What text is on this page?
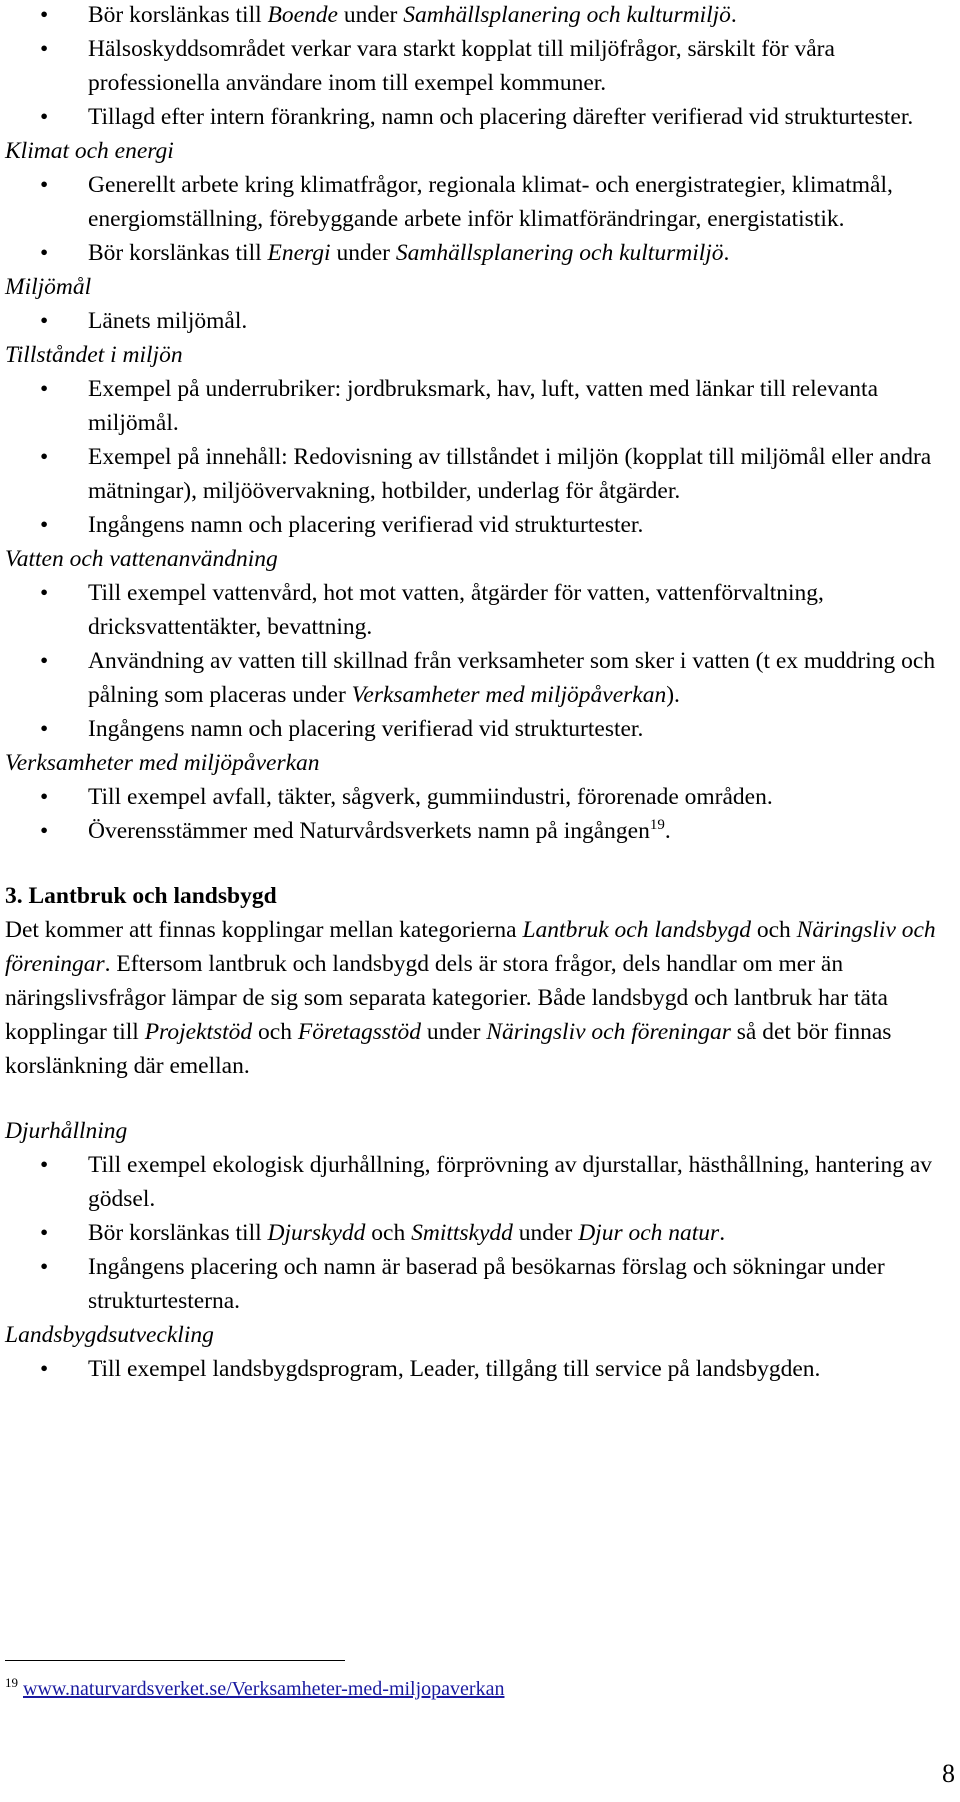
• Bör korslänkas till Boende under Samhällsplanering och kulturmiljö.
• Hälsoskyddsområdet verkar vara starkt kopplat till miljöfrågor, särskilt för våra professionella användare inom till exempel kommuner.
• Tillagd efter intern förankring, namn och placering därefter verifierad vid strukturtester.
Klimat och energi
• Generellt arbete kring klimatfrågor, regionala klimat- och energistrategier, klimatmål, energiomställning, förebyggande arbete inför klimatförändringar, energistatistik.
• Bör korslänkas till Energi under Samhällsplanering och kulturmiljö.
Miljömål
• Länets miljömål.
Tillståndet i miljön
• Exempel på underrubriker: jordbruksmark, hav, luft, vatten med länkar till relevanta miljömål.
• Exempel på innehåll: Redovisning av tillståndet i miljön (kopplat till miljömål eller andra mätningar), miljöövervakning, hotbilder, underlag för åtgärder.
• Ingångens namn och placering verifierad vid strukturtester.
Vatten och vattenanvändning
• Till exempel vattenvård, hot mot vatten, åtgärder för vatten, vattenförvaltning, dricksvattentäkter, bevattning.
• Användning av vatten till skillnad från verksamheter som sker i vatten (t ex muddring och pålning som placeras under Verksamheter med miljöpåverkan).
• Ingångens namn och placering verifierad vid strukturtester.
Verksamheter med miljöpåverkan
• Till exempel avfall, täkter, sågverk, gummiindustri, förorenade områden.
• Överensstämmer med Naturvårdsverkets namn på ingången$^{19}$.
3. Lantbruk och landsbygd
Det kommer att finnas kopplingar mellan kategorierna Lantbruk och landsbygd och Näringsliv och föreningar. Eftersom lantbruk och landsbygd dels är stora frågor, dels handlar om mer än näringslivsfrågor lämpar de sig som separata kategorier. Både landsbygd och lantbruk har täta kopplingar till Projektstöd och Företagsstöd under Näringsliv och föreningar så det bör finnas korslänkning där emellan.
Djurhållning
• Till exempel ekologisk djurhållning, förprövning av djurstallar, hästhållning, hantering av gödsel.
• Bör korslänkas till Djurskydd och Smittskydd under Djur och natur.
• Ingångens placering och namn är baserad på besökarnas förslag och sökningar under strukturtesterna.
Landsbygdsutveckling
• Till exempel landsbygdsprogram, Leader, tillgång till service på landsbygden.
$^{19}$ www.naturvardsverket.se/Verksamheter-med-miljopaverkan
8
